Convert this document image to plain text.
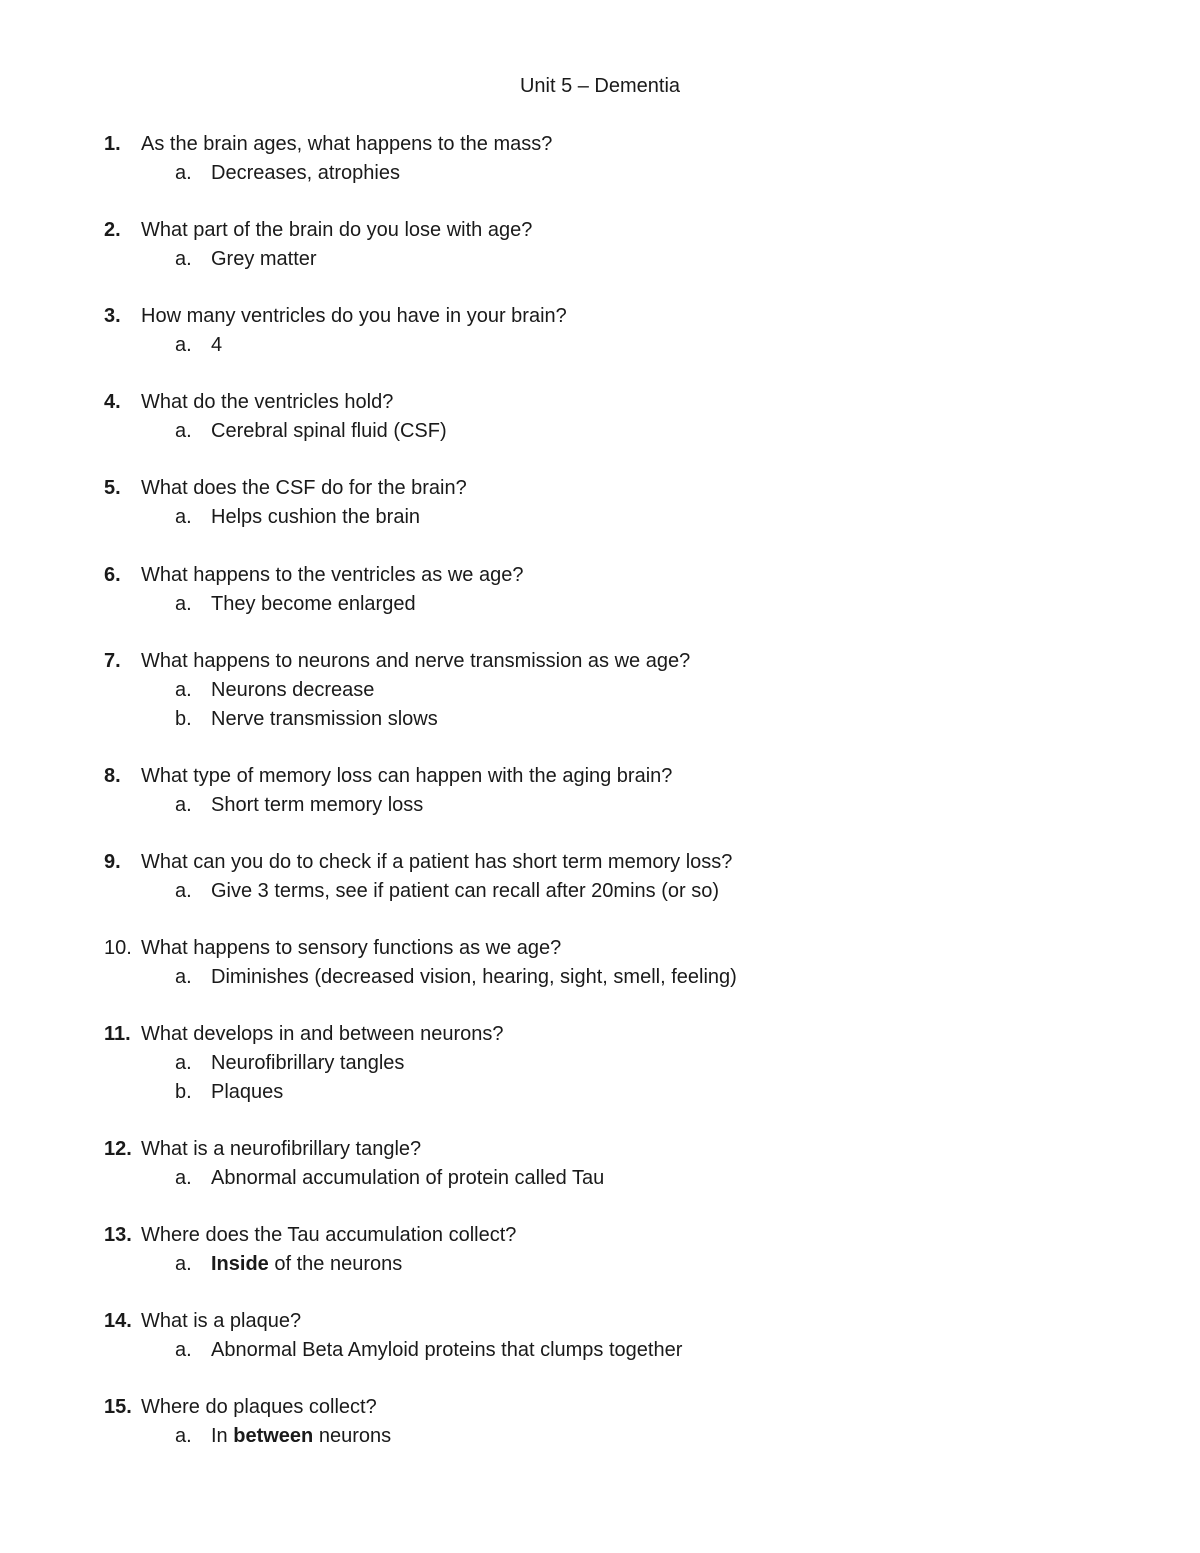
Unit 5 – Dementia
1.	As the brain ages, what happens to the mass?
a. Decreases, atrophies
2.	What part of the brain do you lose with age?
a. Grey matter
3.	How many ventricles do you have in your brain?
a. 4
4.	What do the ventricles hold?
a. Cerebral spinal fluid (CSF)
5.	What does the CSF do for the brain?
a. Helps cushion the brain
6.	What happens to the ventricles as we age?
a. They become enlarged
7.	What happens to neurons and nerve transmission as we age?
a. Neurons decrease
b. Nerve transmission slows
8.	What type of memory loss can happen with the aging brain?
a. Short term memory loss
9.	What can you do to check if a patient has short term memory loss?
a. Give 3 terms, see if patient can recall after 20mins (or so)
10. What happens to sensory functions as we age?
a. Diminishes (decreased vision, hearing, sight, smell, feeling)
11. What develops in and between neurons?
a. Neurofibrillary tangles
b. Plaques
12. What is a neurofibrillary tangle?
a. Abnormal accumulation of protein called Tau
13. Where does the Tau accumulation collect?
a. Inside of the neurons
14. What is a plaque?
a. Abnormal Beta Amyloid proteins that clumps together
15. Where do plaques collect?
a. In between neurons
